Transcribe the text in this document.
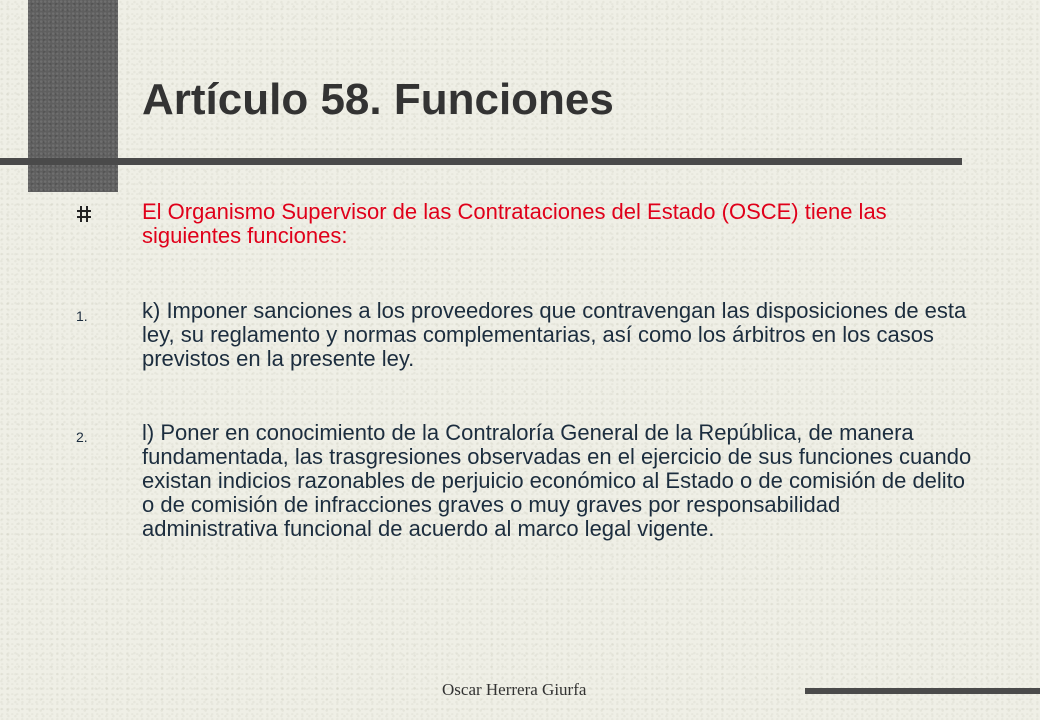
Artículo 58. Funciones

El Organismo Supervisor de las Contrataciones del Estado (OSCE) tiene las siguientes funciones:

1. k) Imponer sanciones a los proveedores que contravengan las disposiciones de esta ley, su reglamento y normas complementarias, así como los árbitros en los casos previstos en la presente ley.

2. l) Poner en conocimiento de la Contraloría General de la República, de manera fundamentada, las trasgresiones observadas en el ejercicio de sus funciones cuando existan indicios razonables de perjuicio económico al Estado o de comisión de delito o de comisión de infracciones graves o muy graves por responsabilidad administrativa funcional de acuerdo al marco legal vigente.

Oscar Herrera Giurfa
